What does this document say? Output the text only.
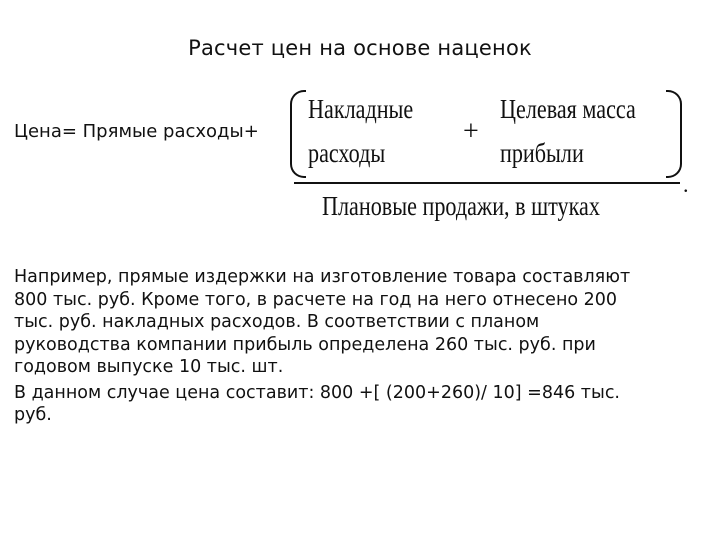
Расчет цен на основе наценок
Цена= Прямые расходы+
Накладные
расходы
+
Целевая масса
прибыли
.
Плановые продажи, в штуках

Например, прямые издержки на изготовление товара составляют
800 тыс. руб. Кроме того, в расчете на год на него отнесено 200
тыс. руб. накладных расходов. В соответствии с планом
руководства компании прибыль определена 260 тыс. руб. при
годовом выпуске 10 тыс. шт.

В данном случае цена составит: 800 +[ (200+260)/ 10] =846 тыс.
руб.
